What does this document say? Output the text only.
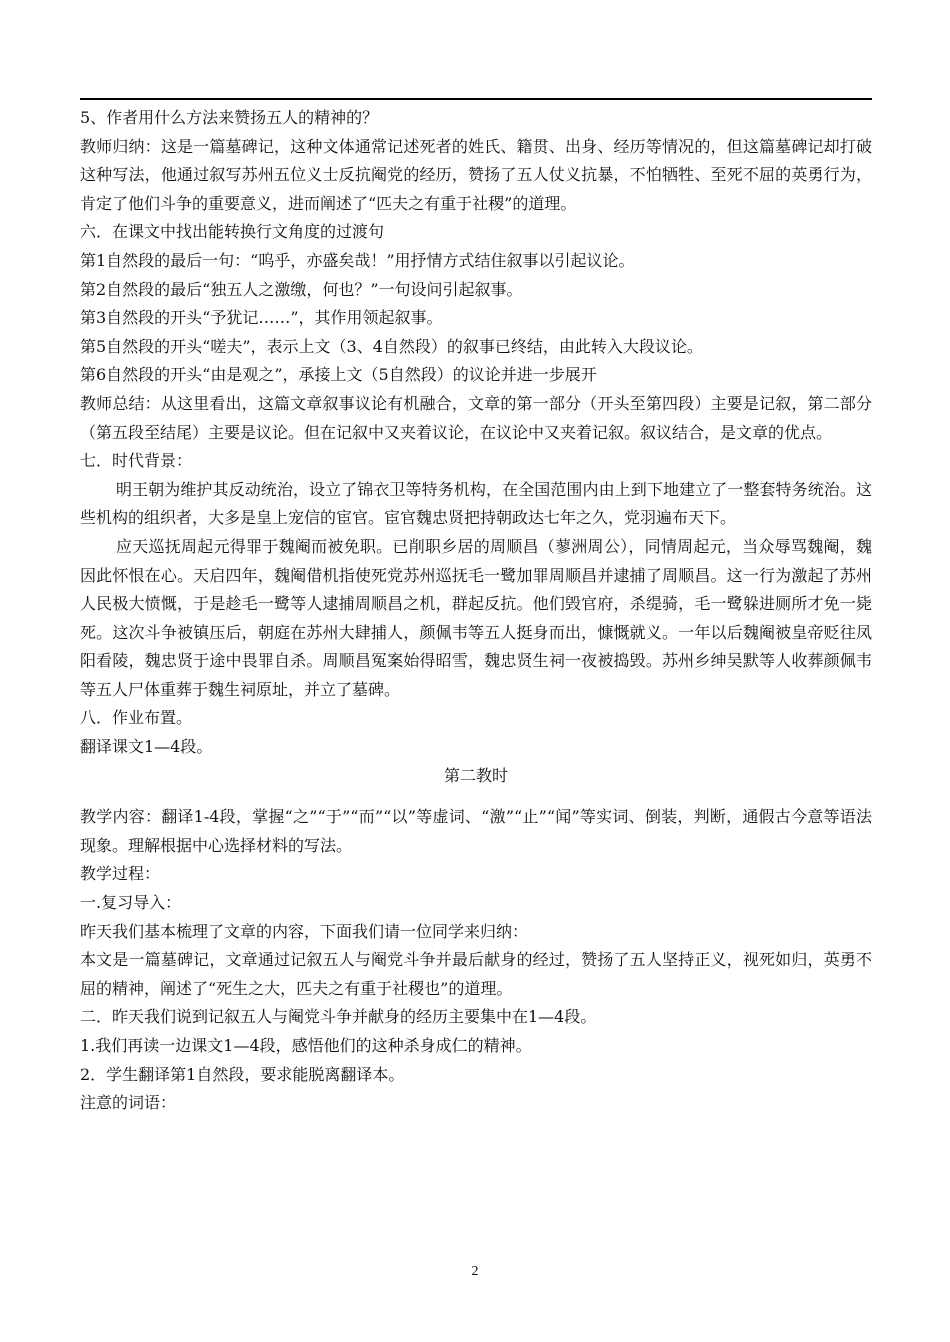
5、作者用什么方法来赞扬五人的精神的？

教师归纳：这是一篇墓碑记，这种文体通常记述死者的姓氏、籍贯、出身、经历等情况的，但这篇墓碑记却打破这种写法，他通过叙写苏州五位义士反抗阉党的经历，赞扬了五人仗义抗暴，不怕牺牲、至死不屈的英勇行为，肯定了他们斗争的重要意义，进而阐述了“匹夫之有重于社稷”的道理。

六．在课文中找出能转换行文角度的过渡句

第1自然段的最后一句：“呜乎，亦盛矣哉！”用抒情方式结住叙事以引起议论。

第2自然段的最后“独五人之激缴，何也？”一句设问引起叙事。

第3自然段的开头“予犹记……”，其作用领起叙事。

第5自然段的开头“嗟夫”，表示上文（3、4自然段）的叙事已终结，由此转入大段议论。

第6自然段的开头“由是观之”，承接上文（5自然段）的议论并进一步展开

教师总结：从这里看出，这篇文章叙事议论有机融合，文章的第一部分（开头至第四段）主要是记叙，第二部分（第五段至结尾）主要是议论。但在记叙中又夹着议论，在议论中又夹着记叙。叙议结合，是文章的优点。

七．时代背景：

明王朝为维护其反动统治，设立了锦衣卫等特务机构，在全国范围内由上到下地建立了一整套特务统治。这些机构的组织者，大多是皇上宠信的宦官。宦官魏忠贤把持朝政达七年之久，党羽遍布天下。

应天巡抚周起元得罪于魏阉而被免职。已削职乡居的周顺昌（蓼洲周公），同情周起元，当众辱骂魏阉，魏因此怀恨在心。天启四年，魏阉借机指使死党苏州巡抚毛一鹭加罪周顺昌并逮捕了周顺昌。这一行为激起了苏州人民极大愤慨，于是趁毛一鹭等人逮捕周顺昌之机，群起反抗。他们毁官府，杀缇骑，毛一鹭躲进厕所才免一毙死。这次斗争被镇压后，朝庭在苏州大肆捕人，颜佩韦等五人挺身而出，慷慨就义。一年以后魏阉被皇帝贬往凤阳看陵，魏忠贤于途中畏罪自杀。周顺昌冤案始得昭雪，魏忠贤生祠一夜被捣毁。苏州乡绅吴默等人收葬颜佩韦等五人尸体重葬于魏生祠原址，并立了墓碑。

八．作业布置。

翻译课文1—4段。

第二教时

教学内容：翻译1-4段，掌握“之”“于”“而”“以”等虚词、“激”“止”“闻”等实词、倒装，判断，通假古今意等语法现象。理解根据中心选择材料的写法。

教学过程：

一.复习导入：

昨天我们基本梳理了文章的内容，下面我们请一位同学来归纳：

本文是一篇墓碑记，文章通过记叙五人与阉党斗争并最后献身的经过，赞扬了五人坚持正义，视死如归，英勇不屈的精神，阐述了“死生之大，匹夫之有重于社稷也”的道理。

二．昨天我们说到记叙五人与阉党斗争并献身的经历主要集中在1—4段。

1.我们再读一边课文1—4段，感悟他们的这种杀身成仁的精神。

2．学生翻译第1自然段，要求能脱离翻译本。

注意的词语：

2
